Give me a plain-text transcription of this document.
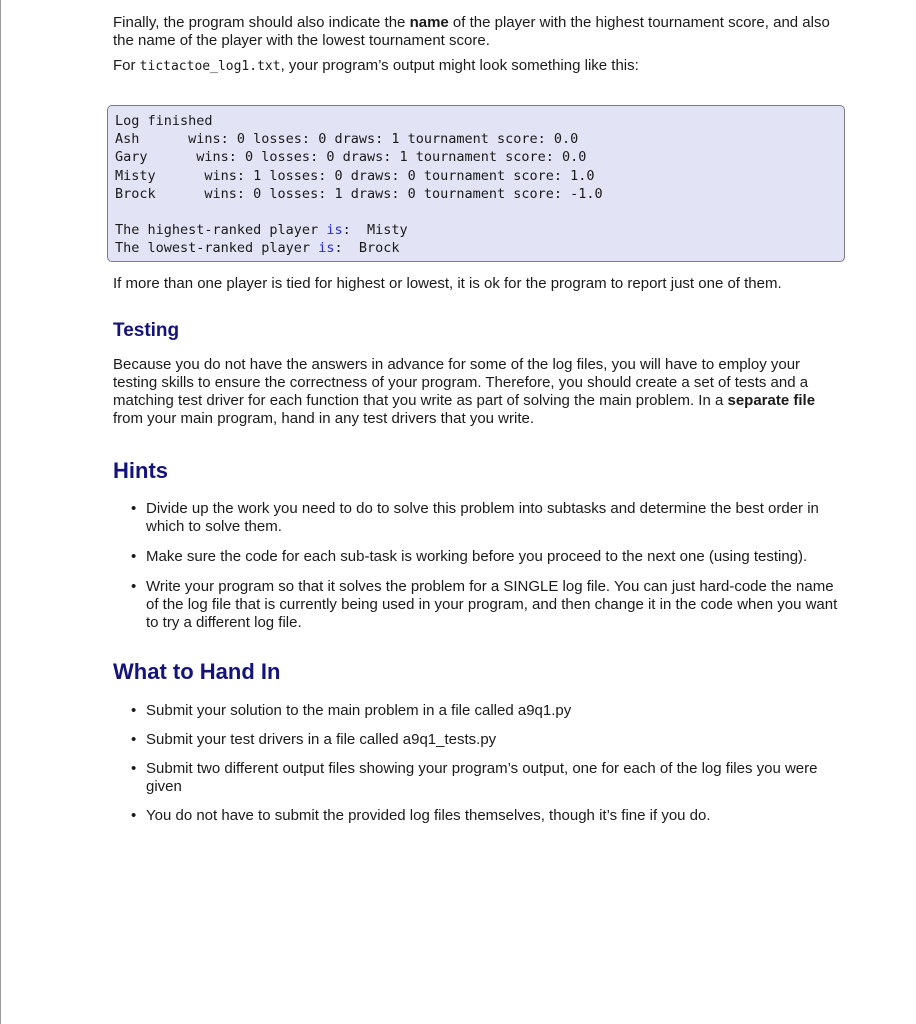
Finally, the program should also indicate the name of the player with the highest tournament score, and also the name of the player with the lowest tournament score.

For tictactoe_log1.txt, your program’s output might look something like this:

Log finished
Ash      wins: 0 losses: 0 draws: 1 tournament score: 0.0
Gary      wins: 0 losses: 0 draws: 1 tournament score: 0.0
Misty      wins: 1 losses: 0 draws: 0 tournament score: 1.0
Brock      wins: 0 losses: 1 draws: 0 tournament score: -1.0
The highest-ranked player is:  Misty
The lowest-ranked player is:  Brock

If more than one player is tied for highest or lowest, it is ok for the program to report just one of them.

Testing

Because you do not have the answers in advance for some of the log files, you will have to employ your testing skills to ensure the correctness of your program. Therefore, you should create a set of tests and a matching test driver for each function that you write as part of solving the main problem. In a separate file from your main program, hand in any test drivers that you write.

Hints
• Divide up the work you need to do to solve this problem into subtasks and determine the best order in which to solve them.
• Make sure the code for each sub-task is working before you proceed to the next one (using testing).
• Write your program so that it solves the problem for a SINGLE log file. You can just hard-code the name of the log file that is currently being used in your program, and then change it in the code when you want to try a different log file.
What to Hand In
• Submit your solution to the main problem in a file called a9q1.py
• Submit your test drivers in a file called a9q1_tests.py
• Submit two different output files showing your program’s output, one for each of the log files you were given
• You do not have to submit the provided log files themselves, though it’s fine if you do.
